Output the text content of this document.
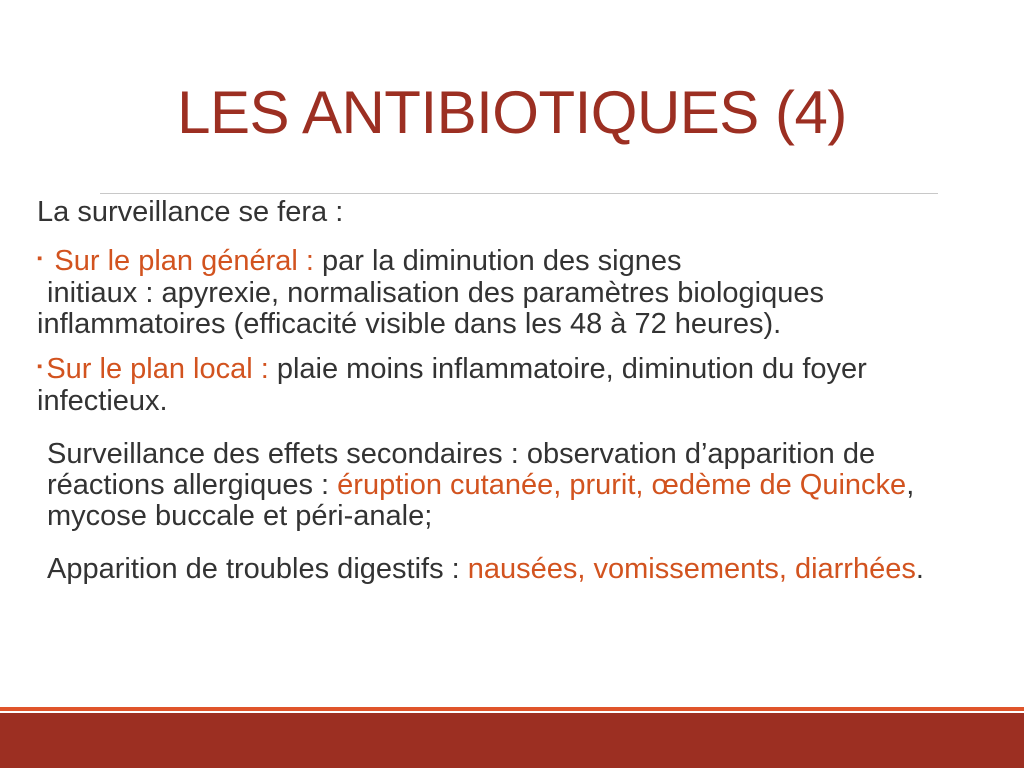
LES ANTIBIOTIQUES (4)

La surveillance se fera :

▪ Sur le plan général : par la diminution des signes
initiaux : apyrexie, normalisation des paramètres biologiques inflammatoires (efficacité visible dans les 48 à 72 heures).

▪ Sur le plan local : plaie moins inflammatoire, diminution du foyer infectieux.

Surveillance des effets secondaires : observation d’apparition de réactions allergiques : éruption cutanée, prurit, œdème de Quincke, mycose buccale et péri-anale;

Apparition de troubles digestifs : nausées, vomissements, diarrhées.
